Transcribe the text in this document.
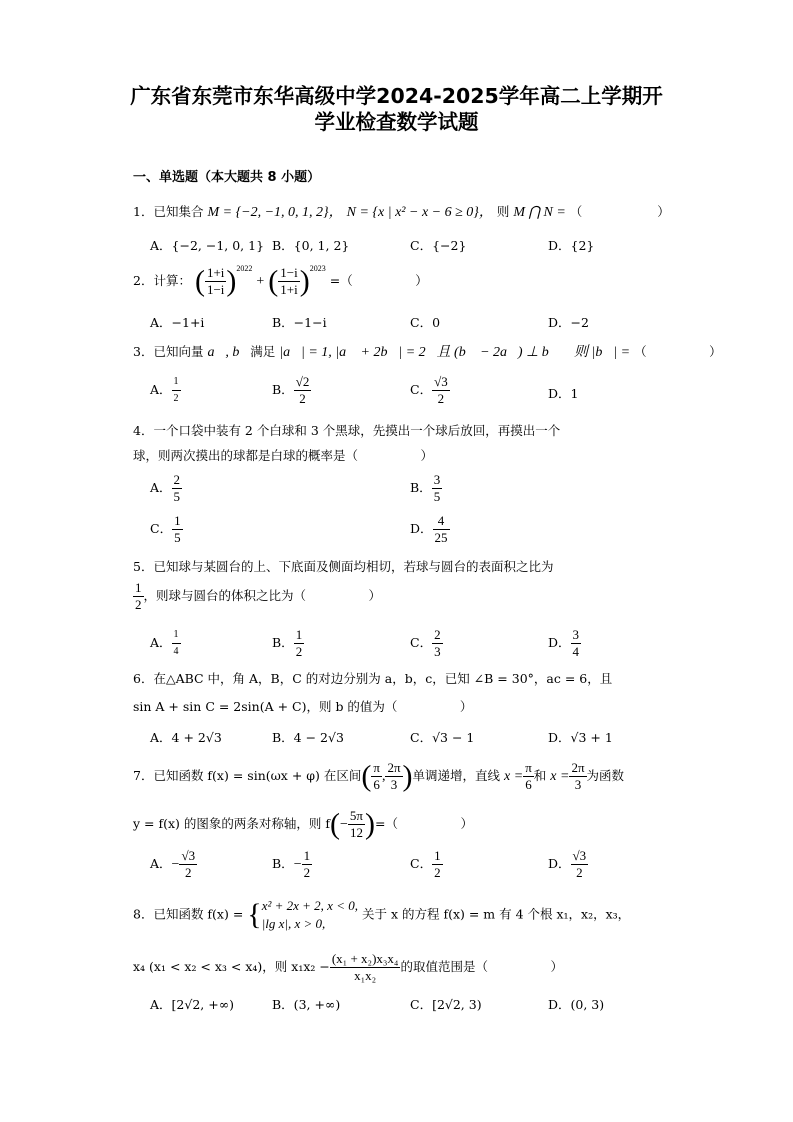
广东省东莞市东华高级中学2024-2025学年高二上学期开
学业检查数学试题
一、单选题（本大题共 8 小题）
1．已知集合 M = {−2, −1, 0, 1, 2}， N = {x | x² − x − 6 ≥ 0}， 则 M ⋂ N = （　　　　　　）
A．{−2, −1, 0, 1} B．{0, 1, 2}	C．{−2}	D．{2}
2．计算： ( $\frac{1+i}{1-i} )^{2022}$ + ( $\frac{1-i}{1+i} )^{2023}$ =（　　　　　）
A．−1+i	B．−1−i	C．0	D．−2
3．已知向量 a⃗, b⃗满足 |a⃗| = 1, |a⃗ + 2b⃗| = 2，且 (b⃗ − 2a⃗) ⊥ b⃗ ，则 |b⃗| = （　　　　　）
A． $\frac{1}{2}$	B． $\frac{√2}{2}$	C． $\frac{√3}{2}$	D．1
4．一个口袋中装有 2 个白球和 3 个黑球，先摸出一个球后放回，再摸出一个
球，则两次摸出的球都是白球的概率是（　　　　　）
A． $\frac{2}{5}$	B． $\frac{3}{5}$
C． $\frac{1}{5}$	D． $\frac{4}{25}$
5．已知球与某圆台的上、下底面及侧面均相切，若球与圆台的表面积之比为
$\frac{1}{2}$ ，则球与圆台的体积之比为（　　　　　）
A． $\frac{1}{4}$	B． $\frac{1}{2}$	C． $\frac{2}{3}$	D． $\frac{3}{4}$
6．在△ABC 中，角 A，B，C 的对边分别为 a，b，c，已知 ∠B = 30°，ac = 6，且
sin A + sin C = 2sin(A + C)，则 b 的值为（　　　　　）
A．4 + 2√3	B．4 − 2√3	C．√3 − 1	D．√3 + 1
7．已知函数 f(x) = sin(ωx + φ) 在区间( $\frac{\pi}{6}$ , $\frac{2\pi}{3}$ )单调递增，直线 $x = \frac{\pi}{6}$ 和 $x = \frac{2\pi}{3}$ 为函数
y = f(x) 的图象的两条对称轴，则 $f(- \frac{5\pi}{12}$ )=（　　　　　）
A．− $\frac{√3}{2}$	B．− $\frac{1}{2}$	C． $\frac{1}{2}$	D． $\frac{√3}{2}$
8．已知函数 f(x) = { x² + 2x + 2, x < 0,
|lg x|, x > 0,
关于 x 的方程 f(x) = m 有 4 个根 x₁，x₂，x₃，
x₄ (x₁ < x₂ < x₃ < x₄)，则 $x_1x_2 - \frac{\text{(x₁ + x₂)x₃x₄}}{\text{x₁x₂}}$ 的取值范围是（　　　　　）
A．[2√2, +∞)	B．(3, +∞)	C．[2√2, 3)	D．(0, 3)
